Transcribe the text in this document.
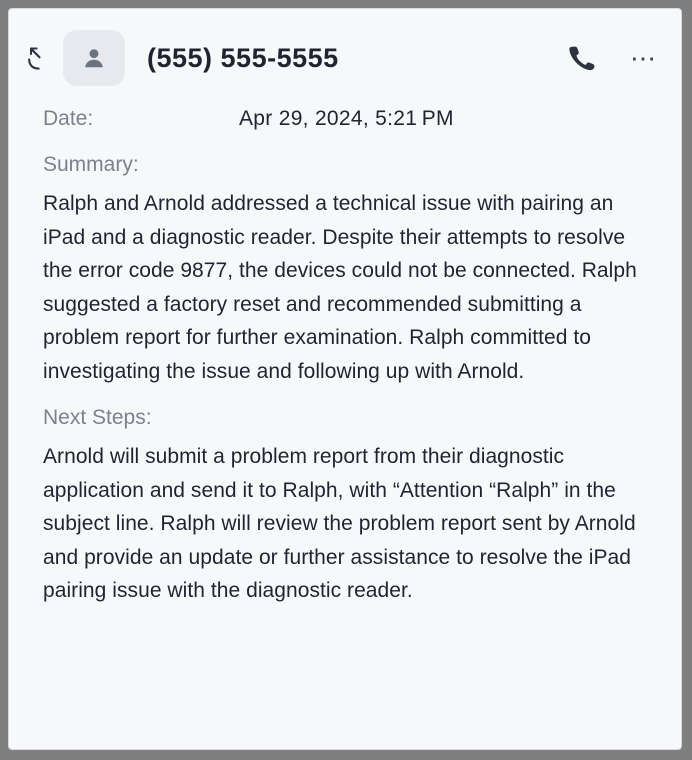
(555) 555-5555	⋯
Date:	Apr 29, 2024, 5:21 PM
Summary:

Ralph and Arnold addressed a technical issue with pairing an iPad and a diagnostic reader. Despite their attempts to resolve the error code 9877, the devices could not be connected. Ralph suggested a factory reset and recommended submitting a problem report for further examination. Ralph committed to investigating the issue and following up with Arnold.

Next Steps:

Arnold will submit a problem report from their diagnostic application and send it to Ralph, with “Attention “Ralph” in the subject line. Ralph will review the problem report sent by Arnold and provide an update or further assistance to resolve the iPad pairing issue with the diagnostic reader.
